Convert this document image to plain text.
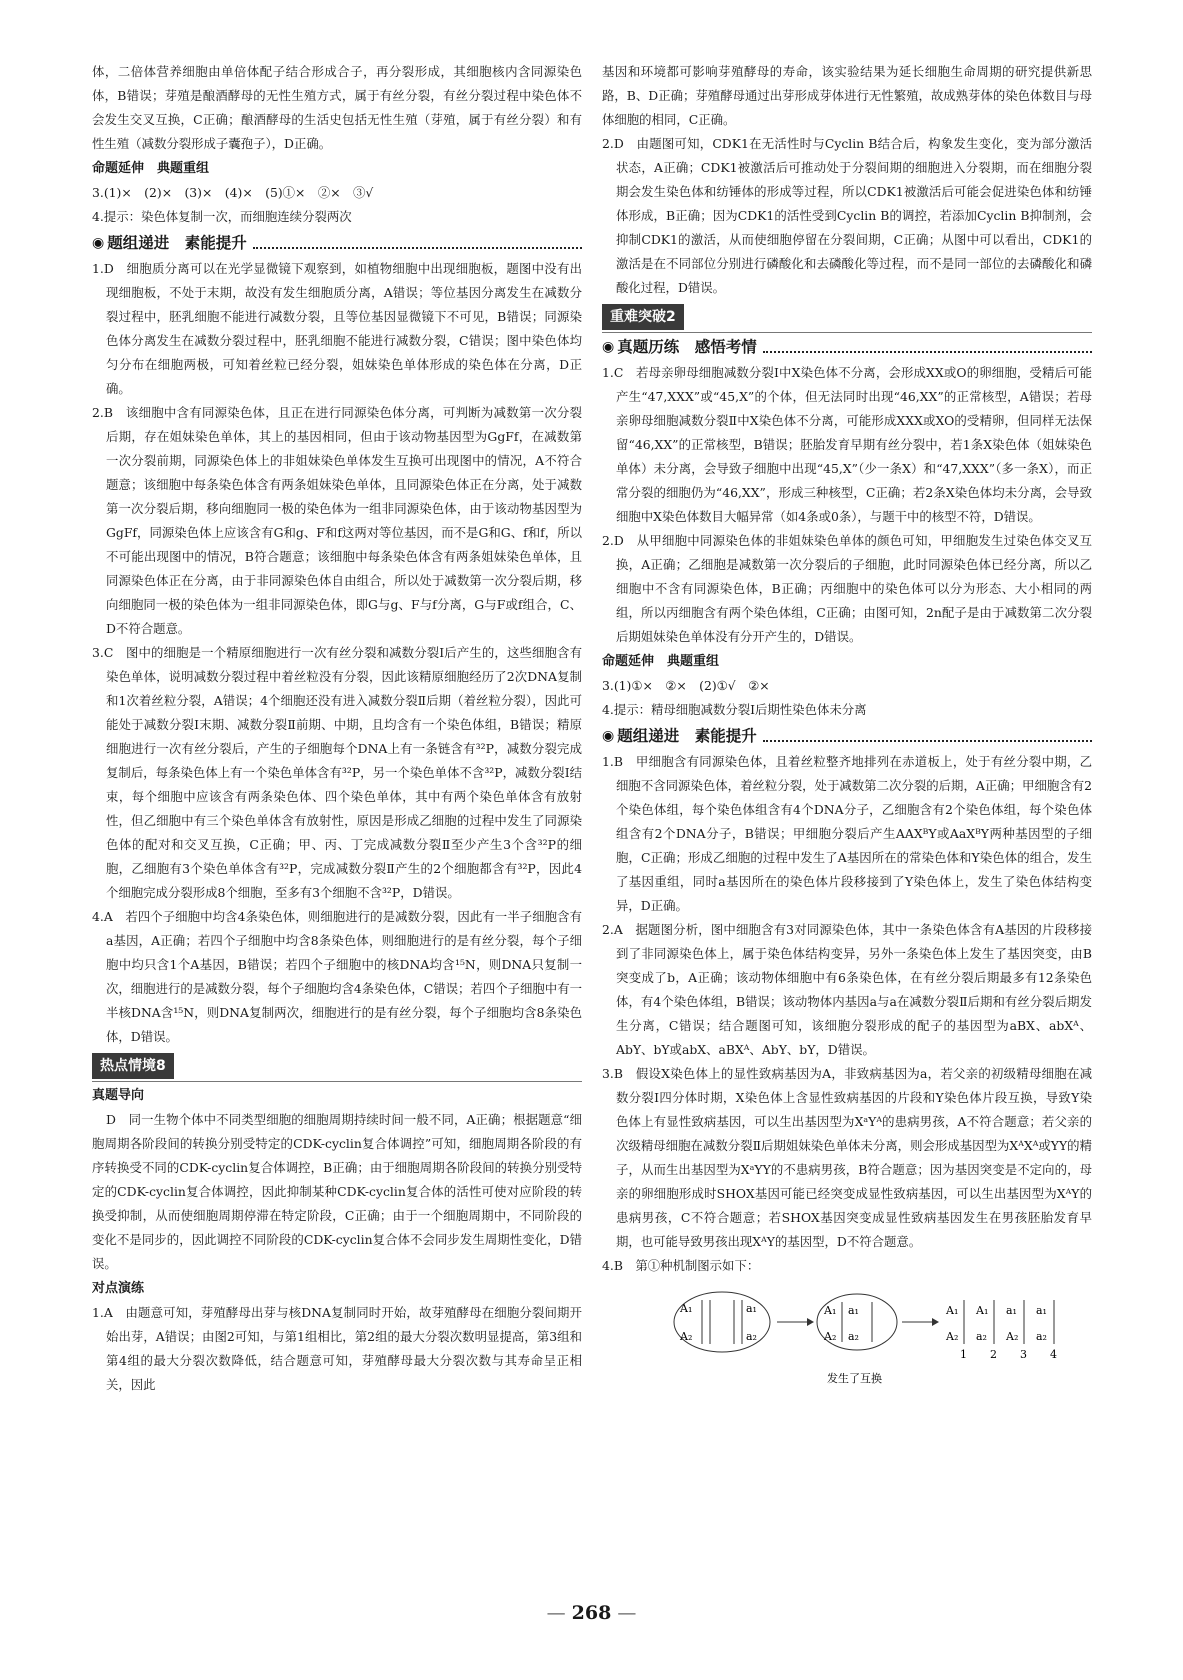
体，二倍体营养细胞由单倍体配子结合形成合子，再分裂形成，其细胞核内含同源染色体，B错误；芽殖是酿酒酵母的无性生殖方式，属于有丝分裂，有丝分裂过程中染色体不会发生交叉互换，C正确；酿酒酵母的生活史包括无性生殖（芽殖，属于有丝分裂）和有性生殖（减数分裂形成子囊孢子），D正确。

命题延伸　典题重组

3.(1)×　(2)×　(3)×　(4)×　(5)①×　②×　③√

4.提示：染色体复制一次，而细胞连续分裂两次

◉ 题组递进　素能提升

1.D　细胞质分离可以在光学显微镜下观察到，如植物细胞中出现细胞板，题图中没有出现细胞板，不处于末期，故没有发生细胞质分离，A错误；等位基因分离发生在减数分裂过程中，胚乳细胞不能进行减数分裂，且等位基因显微镜下不可见，B错误；同源染色体分离发生在减数分裂过程中，胚乳细胞不能进行减数分裂，C错误；图中染色体均匀分布在细胞两极，可知着丝粒已经分裂，姐妹染色单体形成的染色体在分离，D正确。

2.B　该细胞中含有同源染色体，且正在进行同源染色体分离，可判断为减数第一次分裂后期，存在姐妹染色单体，其上的基因相同，但由于该动物基因型为GgFf，在减数第一次分裂前期，同源染色体上的非姐妹染色单体发生互换可出现图中的情况，A不符合题意；该细胞中每条染色体含有两条姐妹染色单体，且同源染色体正在分离，处于减数第一次分裂后期，移向细胞同一极的染色体为一组非同源染色体，由于该动物基因型为GgFf，同源染色体上应该含有G和g、F和f这两对等位基因，而不是G和G、f和f，所以不可能出现图中的情况，B符合题意；该细胞中每条染色体含有两条姐妹染色单体，且同源染色体正在分离，由于非同源染色体自由组合，所以处于减数第一次分裂后期，移向细胞同一极的染色体为一组非同源染色体，即G与g、F与f分离，G与F或f组合，C、D不符合题意。

3.C　图中的细胞是一个精原细胞进行一次有丝分裂和减数分裂Ⅰ后产生的，这些细胞含有染色单体，说明减数分裂过程中着丝粒没有分裂，因此该精原细胞经历了2次DNA复制和1次着丝粒分裂，A错误；4个细胞还没有进入减数分裂Ⅱ后期（着丝粒分裂），因此可能处于减数分裂Ⅰ末期、减数分裂Ⅱ前期、中期，且均含有一个染色体组，B错误；精原细胞进行一次有丝分裂后，产生的子细胞每个DNA上有一条链含有³²P，减数分裂完成复制后，每条染色体上有一个染色单体含有³²P，另一个染色单体不含³²P，减数分裂Ⅰ结束，每个细胞中应该含有两条染色体、四个染色单体，其中有两个染色单体含有放射性，但乙细胞中有三个染色单体含有放射性，原因是形成乙细胞的过程中发生了同源染色体的配对和交叉互换，C正确；甲、丙、丁完成减数分裂Ⅱ至少产生3个含³²P的细胞，乙细胞有3个染色单体含有³²P，完成减数分裂Ⅱ产生的2个细胞都含有³²P，因此4个细胞完成分裂形成8个细胞，至多有3个细胞不含³²P，D错误。

4.A　若四个子细胞中均含4条染色体，则细胞进行的是减数分裂，因此有一半子细胞含有a基因，A正确；若四个子细胞中均含8条染色体，则细胞进行的是有丝分裂，每个子细胞中均只含1个A基因，B错误；若四个子细胞中的核DNA均含¹⁵N，则DNA只复制一次，细胞进行的是减数分裂，每个子细胞均含4条染色体，C错误；若四个子细胞中有一半核DNA含¹⁵N，则DNA复制两次，细胞进行的是有丝分裂，每个子细胞均含8条染色体，D错误。

热点情境8
真题导向

D　同一生物个体中不同类型细胞的细胞周期持续时间一般不同，A正确；根据题意“细胞周期各阶段间的转换分别受特定的CDK-cyclin复合体调控”可知，细胞周期各阶段的有序转换受不同的CDK-cyclin复合体调控，B正确；由于细胞周期各阶段间的转换分别受特定的CDK-cyclin复合体调控，因此抑制某种CDK-cyclin复合体的活性可使对应阶段的转换受抑制，从而使细胞周期停滞在特定阶段，C正确；由于一个细胞周期中，不同阶段的变化不是同步的，因此调控不同阶段的CDK-cyclin复合体不会同步发生周期性变化，D错误。

对点演练

1.A　由题意可知，芽殖酵母出芽与核DNA复制同时开始，故芽殖酵母在细胞分裂间期开始出芽，A错误；由图2可知，与第1组相比，第2组的最大分裂次数明显提高，第3组和第4组的最大分裂次数降低，结合题意可知，芽殖酵母最大分裂次数与其寿命呈正相关，因此

基因和环境都可影响芽殖酵母的寿命，该实验结果为延长细胞生命周期的研究提供新思路，B、D正确；芽殖酵母通过出芽形成芽体进行无性繁殖，故成熟芽体的染色体数目与母体细胞的相同，C正确。

2.D　由题图可知，CDK1在无活性时与Cyclin B结合后，构象发生变化，变为部分激活状态，A正确；CDK1被激活后可推动处于分裂间期的细胞进入分裂期，而在细胞分裂期会发生染色体和纺锤体的形成等过程，所以CDK1被激活后可能会促进染色体和纺锤体形成，B正确；因为CDK1的活性受到Cyclin B的调控，若添加Cyclin B抑制剂，会抑制CDK1的激活，从而使细胞停留在分裂间期，C正确；从图中可以看出，CDK1的激活是在不同部位分别进行磷酸化和去磷酸化等过程，而不是同一部位的去磷酸化和磷酸化过程，D错误。

重难突破2
◉ 真题历练　感悟考情

1.C　若母亲卵母细胞减数分裂Ⅰ中X染色体不分离，会形成XX或O的卵细胞，受精后可能产生“47,XXX”或“45,X”的个体，但无法同时出现“46,XX”的正常核型，A错误；若母亲卵母细胞减数分裂Ⅱ中X染色体不分离，可能形成XXX或XO的受精卵，但同样无法保留“46,XX”的正常核型，B错误；胚胎发育早期有丝分裂中，若1条X染色体（姐妹染色单体）未分离，会导致子细胞中出现“45,X”（少一条X）和“47,XXX”（多一条X），而正常分裂的细胞仍为“46,XX”，形成三种核型，C正确；若2条X染色体均未分离，会导致细胞中X染色体数目大幅异常（如4条或0条），与题干中的核型不符，D错误。

2.D　从甲细胞中同源染色体的非姐妹染色单体的颜色可知，甲细胞发生过染色体交叉互换，A正确；乙细胞是减数第一次分裂后的子细胞，此时同源染色体已经分离，所以乙细胞中不含有同源染色体，B正确；丙细胞中的染色体可以分为形态、大小相同的两组，所以丙细胞含有两个染色体组，C正确；由图可知，2n配子是由于减数第二次分裂后期姐妹染色单体没有分开产生的，D错误。

命题延伸　典题重组

3.(1)①×　②×　(2)①√　②×

4.提示：精母细胞减数分裂Ⅰ后期性染色体未分离

◉ 题组递进　素能提升

1.B　甲细胞含有同源染色体，且着丝粒整齐地排列在赤道板上，处于有丝分裂中期，乙细胞不含同源染色体，着丝粒分裂，处于减数第二次分裂的后期，A正确；甲细胞含有2个染色体组，每个染色体组含有4个DNA分子，乙细胞含有2个染色体组，每个染色体组含有2个DNA分子，B错误；甲细胞分裂后产生AAXᴮY或AaXᴮY两种基因型的子细胞，C正确；形成乙细胞的过程中发生了A基因所在的常染色体和Y染色体的组合，发生了基因重组，同时a基因所在的染色体片段移接到了Y染色体上，发生了染色体结构变异，D正确。

2.A　据题图分析，图中细胞含有3对同源染色体，其中一条染色体含有A基因的片段移接到了非同源染色体上，属于染色体结构变异，另外一条染色体上发生了基因突变，由B突变成了b，A正确；该动物体细胞中有6条染色体，在有丝分裂后期最多有12条染色体，有4个染色体组，B错误；该动物体内基因a与a在减数分裂Ⅱ后期和有丝分裂后期发生分离，C错误；结合题图可知，该细胞分裂形成的配子的基因型为aBX、abXᴬ、AbY、bY或abX、aBXᴬ、AbY、bY，D错误。

3.B　假设X染色体上的显性致病基因为A，非致病基因为a，若父亲的初级精母细胞在减数分裂Ⅰ四分体时期，X染色体上含显性致病基因的片段和Y染色体片段互换，导致Y染色体上有显性致病基因，可以生出基因型为XᵃYᴬ的患病男孩，A不符合题意；若父亲的次级精母细胞在减数分裂Ⅱ后期姐妹染色单体未分离，则会形成基因型为XᴬXᴬ或YY的精子，从而生出基因型为XᵃYY的不患病男孩，B符合题意；因为基因突变是不定向的，母亲的卵细胞形成时SHOX基因可能已经突变成显性致病基因，可以生出基因型为XᴬY的患病男孩，C不符合题意；若SHOX基因突变成显性致病基因发生在男孩胚胎发育早期，也可能导致男孩出现XᴬY的基因型，D不符合题意。

4.B　第①种机制图示如下：

A₁
A₂
a₁
a₂
A₁ a₁
A₂ a₂
A₁
A₂
A₁
a₂
a₁
A₂
a₁
a₂
1 2 3 4
发生了互换
— 268 —
